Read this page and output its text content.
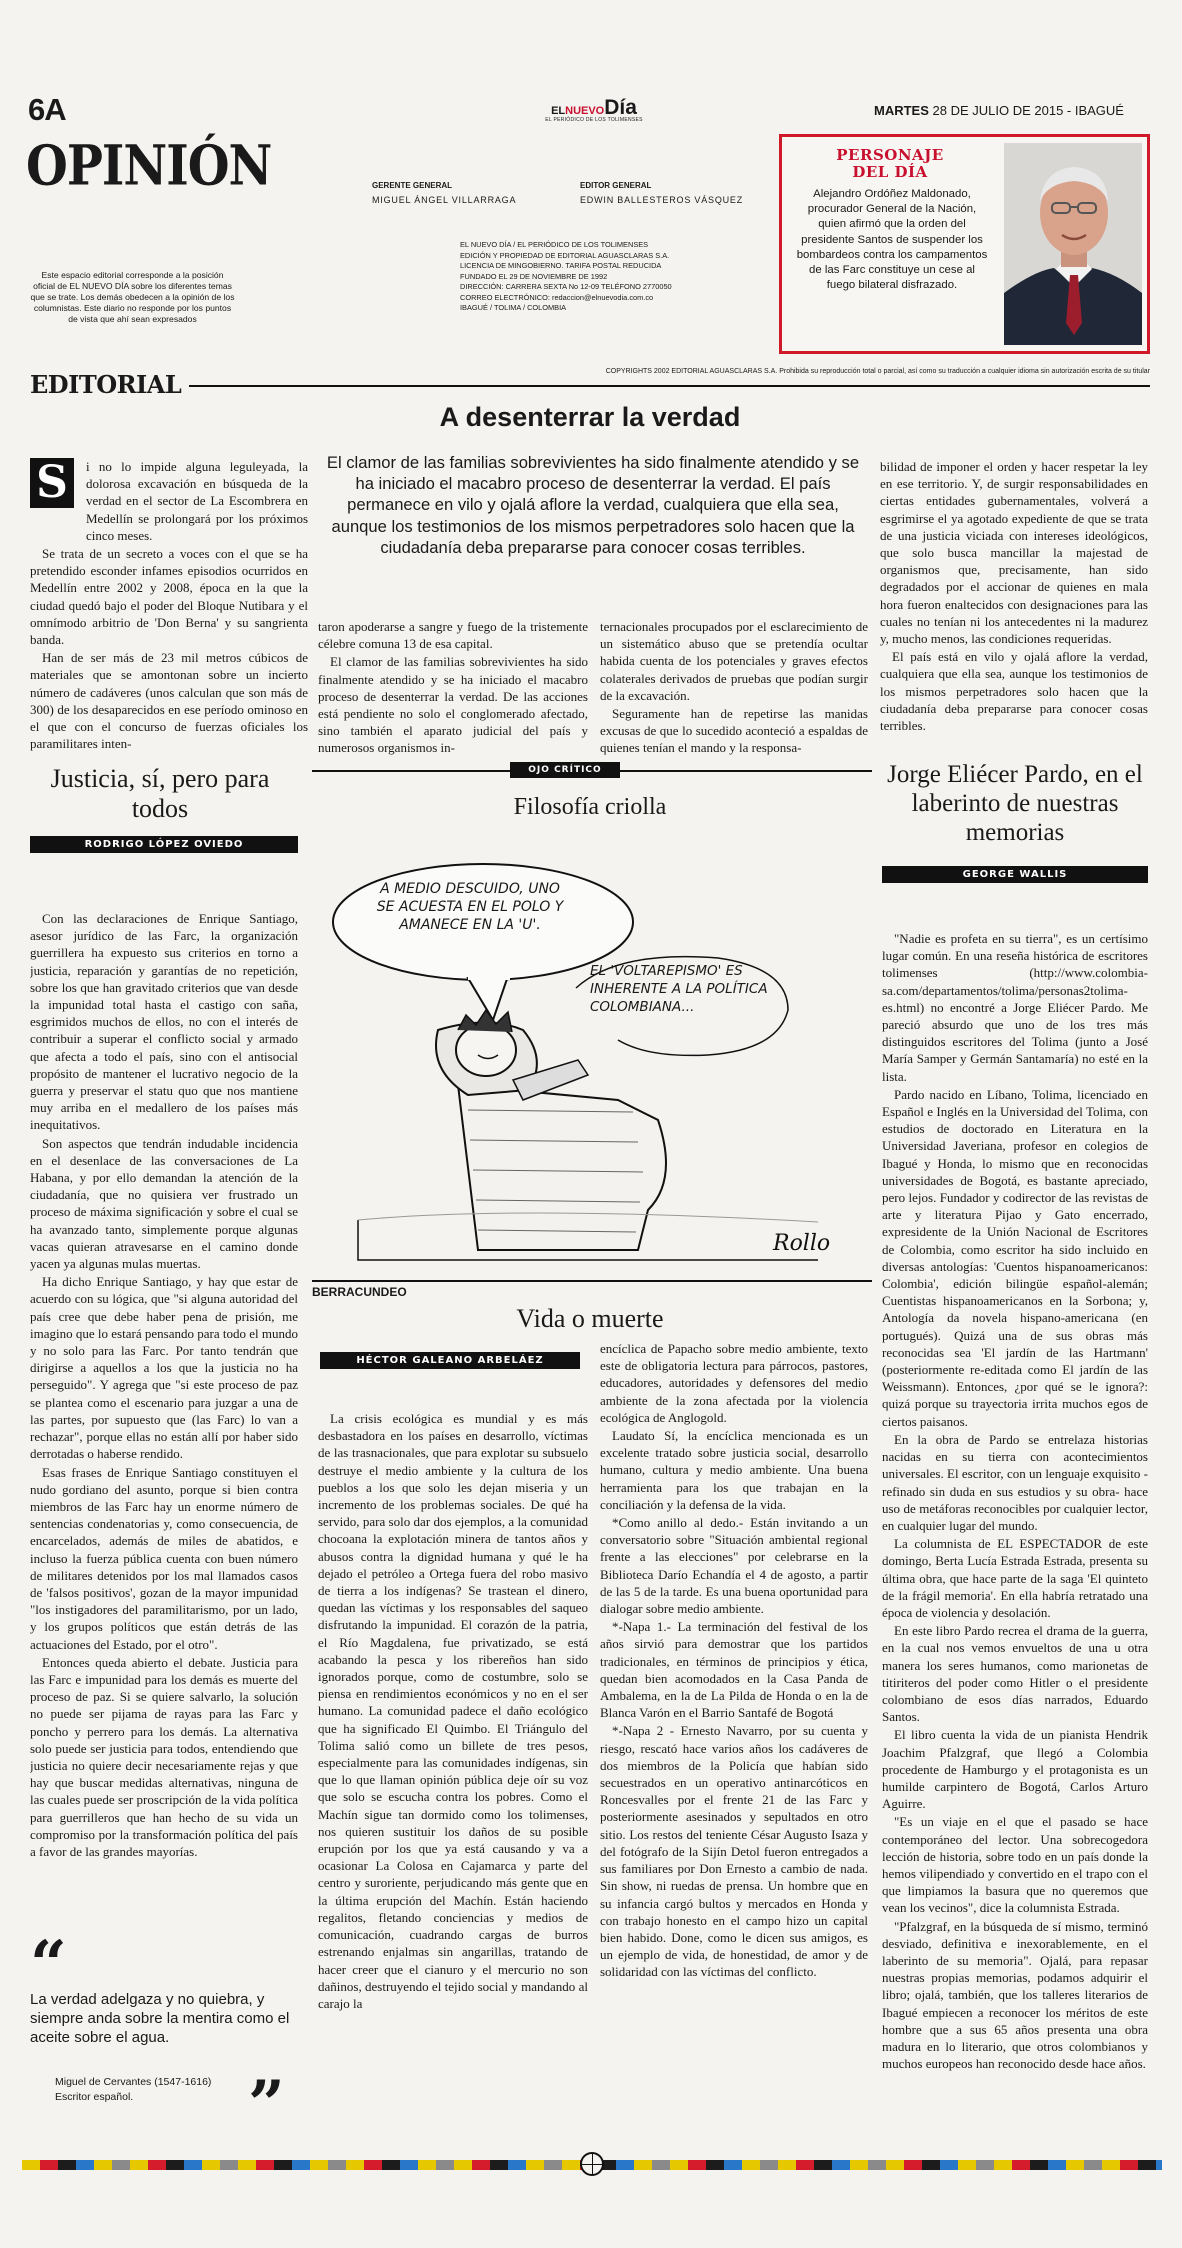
6A
OPINIÓN
Este espacio editorial corresponde a la posición oficial de EL NUEVO DÍA sobre los diferentes temas que se trate. Los demás obedecen a la opinión de los columnistas. Este diario no responde por los puntos de vista que ahí sean expresados
ELNUEVODía
EL PERIÓDICO DE LOS TOLIMENSES
MARTES 28 DE JULIO DE 2015 - IBAGUÉ
GERENTE GENERAL
MIGUEL ÁNGEL VILLARRAGA
EDITOR GENERAL
EDWIN BALLESTEROS VÁSQUEZ
EL NUEVO DÍA / EL PERIÓDICO DE LOS TOLIMENSES
EDICIÓN Y PROPIEDAD DE EDITORIAL AGUASCLARAS S.A.
LICENCIA DE MINGOBIERNO. TARIFA POSTAL REDUCIDA
FUNDADO EL 29 DE NOVIEMBRE DE 1992
DIRECCIÓN: CARRERA SEXTA No 12-09 TELÉFONO 2770050
CORREO ELECTRÓNICO: redaccion@elnuevodia.com.co
IBAGUÉ / TOLIMA / COLOMBIA
PERSONAJE
DEL DÍA
Alejandro Ordóñez Maldonado, procurador General de la Nación, quien afirmó que la orden del presidente Santos de suspender los bombardeos contra los campamentos de las Farc constituye un cese al fuego bilateral disfrazado.
EDITORIAL	COPYRIGHTS 2002 EDITORIAL AGUASCLARAS S.A. Prohibida su reproducción total o parcial, así como su traducción a cualquier idioma sin autorización escrita de su titular
A desenterrar la verdad
El clamor de las familias sobrevivientes ha sido finalmente atendido y se ha iniciado el macabro proceso de desenterrar la verdad. El país permanece en vilo y ojalá aflore la verdad, cualquiera que ella sea, aunque los testimonios de los mismos perpetradores solo hacen que la ciudadanía deba prepararse para conocer cosas terribles.
S	i no lo impide alguna leguleyada, la dolorosa excavación en búsqueda de la verdad en el sector de La Escombrera en Medellín se prolongará por los próximos cinco meses.

Se trata de un secreto a voces con el que se ha pretendido esconder infames episodios ocurridos en Medellín entre 2002 y 2008, época en la que la ciudad quedó bajo el poder del Bloque Nutibara y el omnímodo arbitrio de 'Don Berna' y su sangrienta banda.

Han de ser más de 23 mil metros cúbicos de materiales que se amontonan sobre un incierto número de cadáveres (unos calculan que son más de 300) de los desaparecidos en ese período ominoso en el que con el concurso de fuerzas oficiales los paramilitares inten-

taron apoderarse a sangre y fuego de la tristemente célebre comuna 13 de esa capital.

El clamor de las familias sobrevivientes ha sido finalmente atendido y se ha iniciado el macabro proceso de desenterrar la verdad. De las acciones está pendiente no solo el conglomerado afectado, sino también el aparato judicial del país y numerosos organismos in-

ternacionales procupados por el esclarecimiento de un sistemático abuso que se pretendía ocultar habida cuenta de los potenciales y graves efectos colaterales derivados de pruebas que podían surgir de la excavación.

Seguramente han de repetirse las manidas excusas de que lo sucedido aconteció a espaldas de quienes tenían el mando y la responsa-

bilidad de imponer el orden y hacer respetar la ley en ese territorio. Y, de surgir responsabilidades en ciertas entidades gubernamentales, volverá a esgrimirse el ya agotado expediente de que se trata de una justicia viciada con intereses ideológicos, que solo busca mancillar la majestad de organismos que, precisamente, han sido degradados por el accionar de quienes en mala hora fueron enaltecidos con designaciones para las cuales no tenían ni los antecedentes ni la madurez y, mucho menos, las condiciones requeridas.

El país está en vilo y ojalá aflore la verdad, cualquiera que ella sea, aunque los testimonios de los mismos perpetradores solo hacen que la ciudadanía deba prepararse para conocer cosas terribles.

Justicia, sí, pero para todos
RODRIGO LÓPEZ OVIEDO

Con las declaraciones de Enrique Santiago, asesor jurídico de las Farc, la organización guerrillera ha expuesto sus criterios en torno a justicia, reparación y garantías de no repetición, sobre los que han gravitado criterios que van desde la impunidad total hasta el castigo con saña, esgrimidos muchos de ellos, no con el interés de contribuir a superar el conflicto social y armado que afecta a todo el país, sino con el antisocial propósito de mantener el lucrativo negocio de la guerra y preservar el statu quo que nos mantiene muy arriba en el medallero de los países más inequitativos.

Son aspectos que tendrán indudable incidencia en el desenlace de las conversaciones de La Habana, y por ello demandan la atención de la ciudadanía, que no quisiera ver frustrado un proceso de máxima significación y sobre el cual se ha avanzado tanto, simplemente porque algunas vacas quieran atravesarse en el camino donde yacen ya algunas mulas muertas.

Ha dicho Enrique Santiago, y hay que estar de acuerdo con su lógica, que "si alguna autoridad del país cree que debe haber pena de prisión, me imagino que lo estará pensando para todo el mundo y no solo para las Farc. Por tanto tendrán que dirigirse a aquellos a los que la justicia no ha perseguido". Y agrega que "si este proceso de paz se plantea como el escenario para juzgar a una de las partes, por supuesto que (las Farc) lo van a rechazar", porque ellas no están allí por haber sido derrotadas o haberse rendido.

Esas frases de Enrique Santiago constituyen el nudo gordiano del asunto, porque si bien contra miembros de las Farc hay un enorme número de sentencias condenatorias y, como consecuencia, de encarcelados, además de miles de abatidos, e incluso la fuerza pública cuenta con buen número de militares detenidos por los mal llamados casos de 'falsos positivos', gozan de la mayor impunidad "los instigadores del paramilitarismo, por un lado, y los grupos políticos que están detrás de las actuaciones del Estado, por el otro".

Entonces queda abierto el debate. Justicia para las Farc e impunidad para los demás es muerte del proceso de paz. Si se quiere salvarlo, la solución no puede ser pijama de rayas para las Farc y poncho y perrero para los demás. La alternativa solo puede ser justicia para todos, entendiendo que justicia no quiere decir necesariamente rejas y que hay que buscar medidas alternativas, ninguna de las cuales puede ser proscripción de la vida política para guerrilleros que han hecho de su vida un compromiso por la transformación política del país a favor de las grandes mayorías.

“
La verdad adelgaza y no quiebra, y siempre anda sobre la mentira como el aceite sobre el agua.
Miguel de Cervantes (1547-1616)
Escritor español. ”
OJO CRÍTICO
Filosofía criolla
Rollo
A MEDIO DESCUIDO, UNO SE ACUESTA EN EL POLO Y AMANECE EN LA 'U'.
EL 'VOLTAREPISMO' ES INHERENTE A LA POLÍTICA COLOMBIANA...
BERRACUNDEO
Vida o muerte
HÉCTOR GALEANO ARBELÁEZ

La crisis ecológica es mundial y es más desbastadora en los países en desarrollo, víctimas de las trasnacionales, que para explotar su subsuelo destruye el medio ambiente y la cultura de los pueblos a los que solo les dejan miseria y un incremento de los problemas sociales. De qué ha servido, para solo dar dos ejemplos, a la comunidad chocoana la explotación minera de tantos años y abusos contra la dignidad humana y qué le ha dejado el petróleo a Ortega fuera del robo masivo de tierra a los indígenas? Se trastean el dinero, quedan las víctimas y los responsables del saqueo disfrutando la impunidad. El corazón de la patria, el Río Magdalena, fue privatizado, se está acabando la pesca y los ribereños han sido ignorados porque, como de costumbre, solo se piensa en rendimientos económicos y no en el ser humano. La comunidad padece el daño ecológico que ha significado El Quimbo. El Triángulo del Tolima salió como un billete de tres pesos, especialmente para las comunidades indígenas, sin que lo que llaman opinión pública deje oír su voz que solo se escucha contra los pobres. Como el Machín sigue tan dormido como los tolimenses, nos quieren sustituir los daños de su posible erupción por los que ya está causando y va a ocasionar La Colosa en Cajamarca y parte del centro y suroriente, perjudicando más gente que en la última erupción del Machín. Están haciendo regalitos, fletando conciencias y medios de comunicación, cuadrando cargas de burros estrenando enjalmas sin angarillas, tratando de hacer creer que el cianuro y el mercurio no son dañinos, destruyendo el tejido social y mandando al carajo la

encíclica de Papacho sobre medio ambiente, texto este de obligatoria lectura para párrocos, pastores, educadores, autoridades y defensores del medio ambiente de la zona afectada por la violencia ecológica de Anglogold.

Laudato Sí, la encíclica mencionada es un excelente tratado sobre justicia social, desarrollo humano, cultura y medio ambiente. Una buena herramienta para los que trabajan en la conciliación y la defensa de la vida.

*Como anillo al dedo.- Están invitando a un conversatorio sobre "Situación ambiental regional frente a las elecciones" por celebrarse en la Biblioteca Darío Echandía el 4 de agosto, a partir de las 5 de la tarde. Es una buena oportunidad para dialogar sobre medio ambiente.

*-Napa 1.- La terminación del festival de los años sirvió para demostrar que los partidos tradicionales, en términos de principios y ética, quedan bien acomodados en la Casa Panda de Ambalema, en la de La Pilda de Honda o en la de Blanca Varón en el Barrio Santafé de Bogotá

*-Napa 2 - Ernesto Navarro, por su cuenta y riesgo, rescató hace varios años los cadáveres de dos miembros de la Policía que habían sido secuestrados en un operativo antinarcóticos en Roncesvalles por el frente 21 de las Farc y posteriormente asesinados y sepultados en otro sitio. Los restos del teniente César Augusto Isaza y del fotógrafo de la Sijín Detol fueron entregados a sus familiares por Don Ernesto a cambio de nada. Sin show, ni ruedas de prensa. Un hombre que en su infancia cargó bultos y mercados en Honda y con trabajo honesto en el campo hizo un capital bien habido. Done, como le dicen sus amigos, es un ejemplo de vida, de honestidad, de amor y de solidaridad con las víctimas del conflicto.

Jorge Eliécer Pardo, en el laberinto de nuestras memorias
GEORGE WALLIS

"Nadie es profeta en su tierra", es un certísimo lugar común. En una reseña histórica de escritores tolimenses (http://www.colombia-sa.com/departamentos/tolima/personas2tolima-es.html) no encontré a Jorge Eliécer Pardo. Me pareció absurdo que uno de los tres más distinguidos escritores del Tolima (junto a José María Samper y Germán Santamaría) no esté en la lista.

Pardo nacido en Líbano, Tolima, licenciado en Español e Inglés en la Universidad del Tolima, con estudios de doctorado en Literatura en la Universidad Javeriana, profesor en colegios de Ibagué y Honda, lo mismo que en reconocidas universidades de Bogotá, es bastante apreciado, pero lejos. Fundador y codirector de las revistas de arte y literatura Pijao y Gato encerrado, expresidente de la Unión Nacional de Escritores de Colombia, como escritor ha sido incluido en diversas antologías: 'Cuentos hispanoamericanos: Colombia', edición bilingüe español-alemán; Cuentistas hispanoamericanos en la Sorbona; y, Antología da novela hispano-americana (en portugués). Quizá una de sus obras más reconocidas sea 'El jardín de las Hartmann' (posteriormente re-editada como El jardín de las Weissmann). Entonces, ¿por qué se le ignora?: quizá porque su trayectoria irrita muchos egos de ciertos paisanos.

En la obra de Pardo se entrelaza historias nacidas en su tierra con acontecimientos universales. El escritor, con un lenguaje exquisito -refinado sin duda en sus estudios y su obra- hace uso de metáforas reconocibles por cualquier lector, en cualquier lugar del mundo.

La columnista de EL ESPECTADOR de este domingo, Berta Lucía Estrada Estrada, presenta su última obra, que hace parte de la saga 'El quinteto de la frágil memoria'. En ella habría retratado una época de violencia y desolación.

En este libro Pardo recrea el drama de la guerra, en la cual nos vemos envueltos de una u otra manera los seres humanos, como marionetas de titiriteros del poder como Hitler o el presidente colombiano de esos días narrados, Eduardo Santos.

El libro cuenta la vida de un pianista Hendrik Joachim Pfalzgraf, que llegó a Colombia procedente de Hamburgo y el protagonista es un humilde carpintero de Bogotá, Carlos Arturo Aguirre.

"Es un viaje en el que el pasado se hace contemporáneo del lector. Una sobrecogedora lección de historia, sobre todo en un país donde la hemos vilipendiado y convertido en el trapo con el que limpiamos la basura que no queremos que vean los vecinos", dice la columnista Estrada.

"Pfalzgraf, en la búsqueda de sí mismo, terminó desviado, definitiva e inexorablemente, en el laberinto de su memoria". Ojalá, para repasar nuestras propias memorias, podamos adquirir el libro; ojalá, también, que los talleres literarios de Ibagué empiecen a reconocer los méritos de este hombre que a sus 65 años presenta una obra madura en lo literario, que otros colombianos y muchos europeos han reconocido desde hace años.
